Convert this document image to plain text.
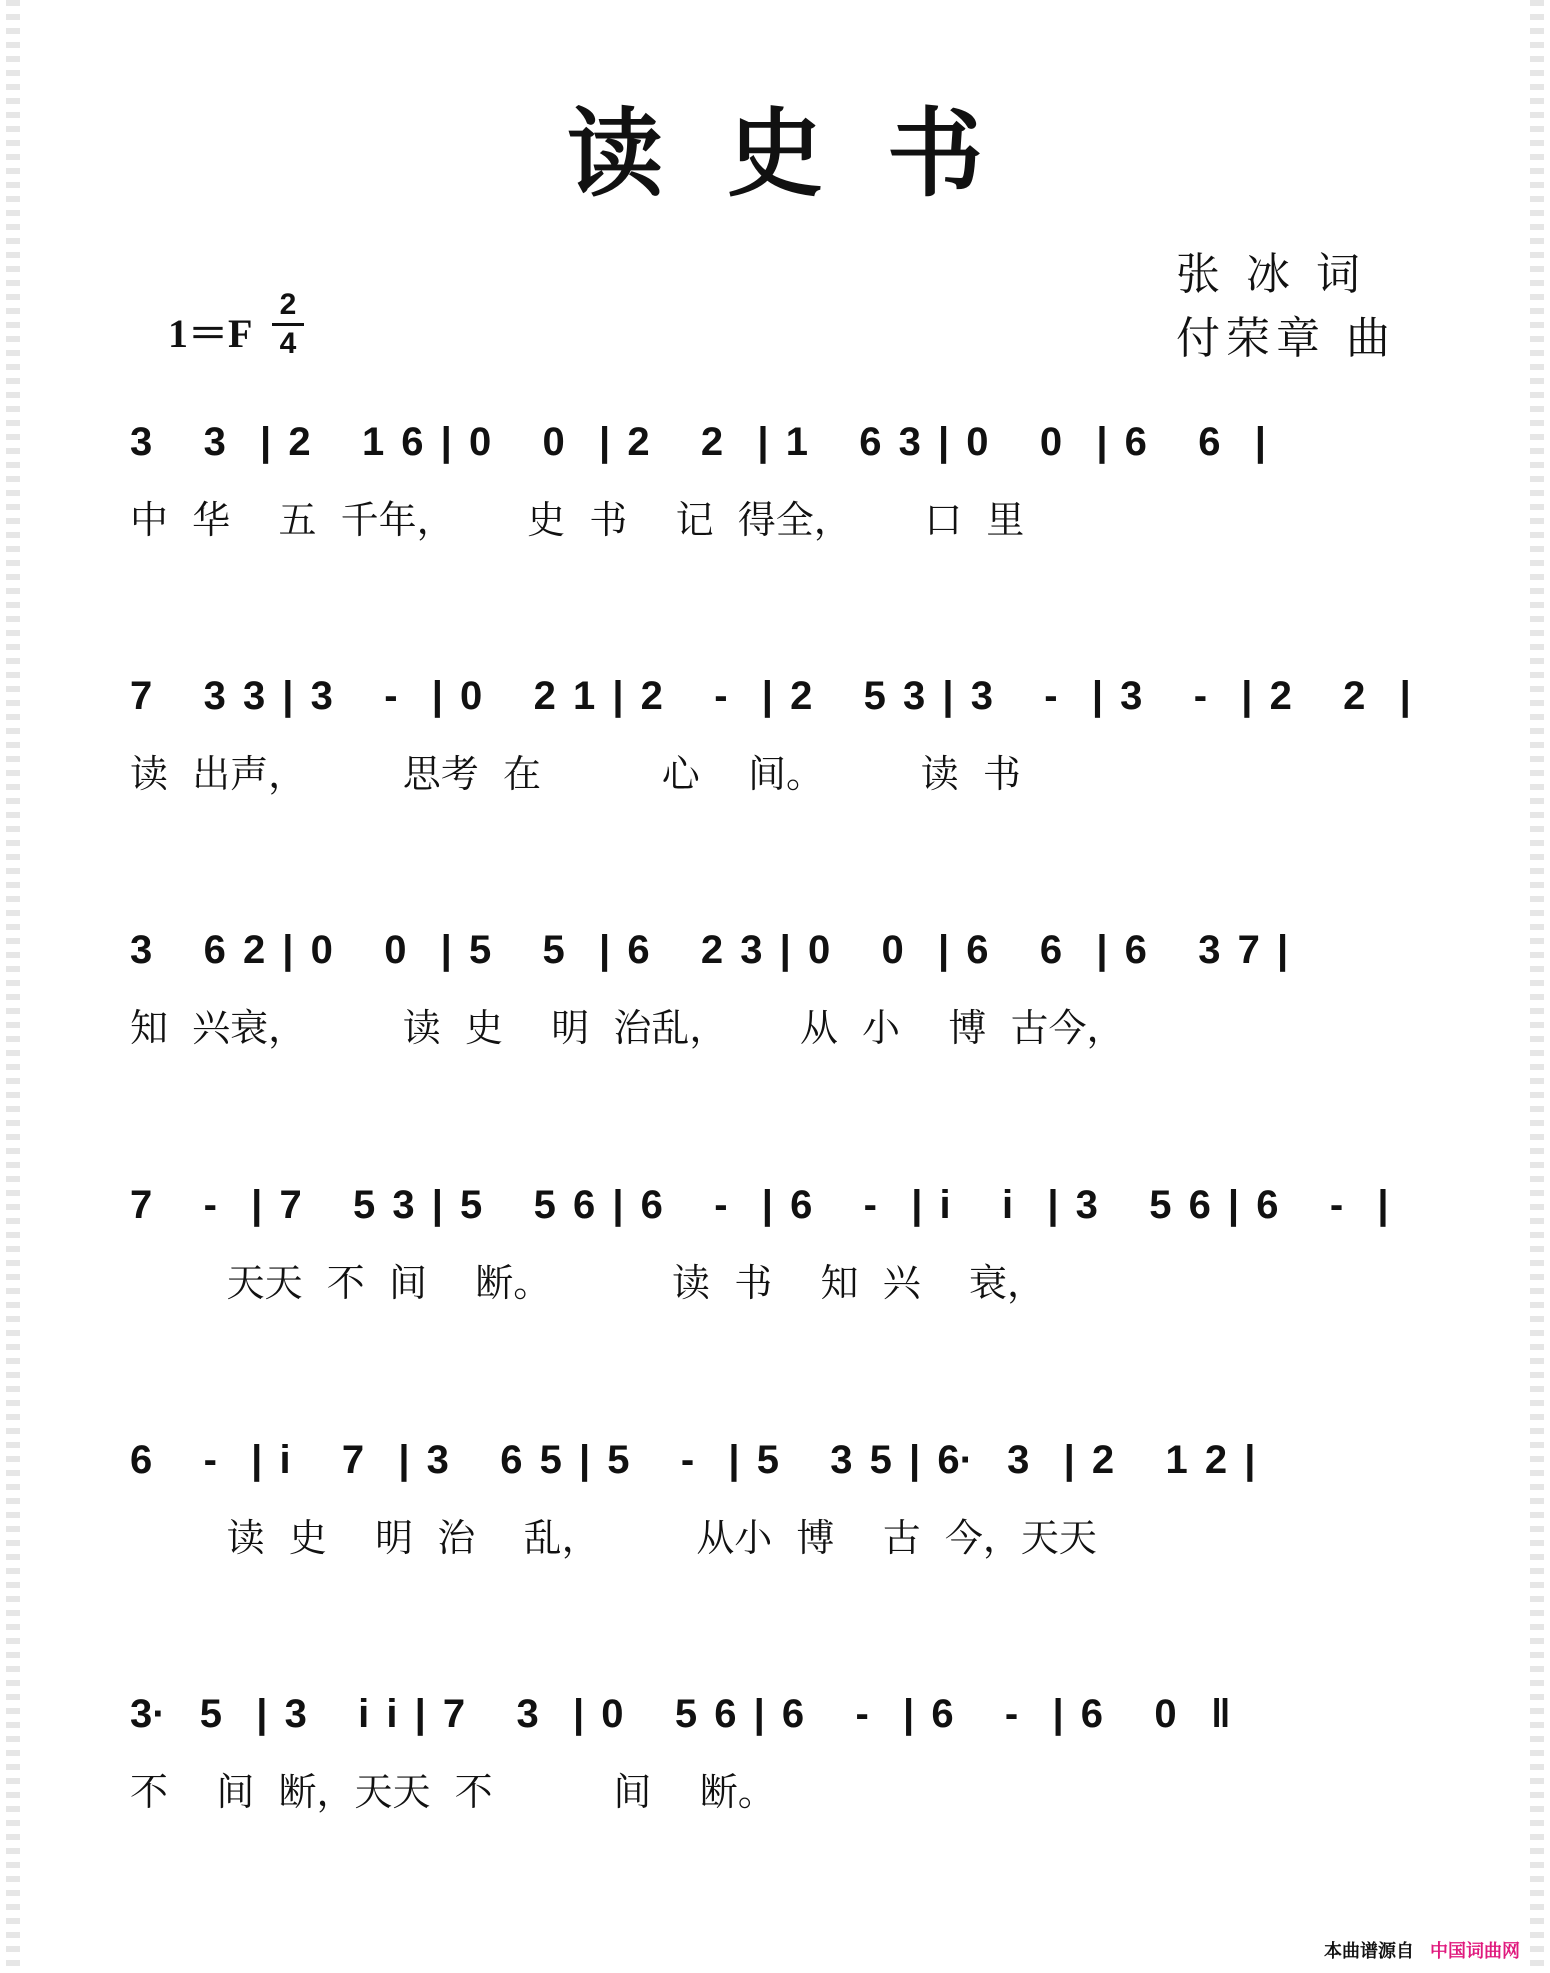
读史书
张 冰 词
付荣章 曲
1＝F
2
4
3   3  | 2   1 6 | 0   0  | 2   2  | 1   6 3 | 0   0  | 6   6  |
中  华    五  千年，      史  书    记  得全，      口  里
7   3 3 | 3   -  | 0   2 1 | 2   -  | 2   5 3 | 3   -  | 3   -  | 2   2  |
读  出声，        思考  在          心    间。        读  书
3   6 2 | 0   0  | 5   5  | 6   2 3 | 0   0  | 6   6  | 6   3 7 |
知  兴衰，        读  史    明  治乱，      从  小    博  古今，
7   -  | 7   5 3 | 5   5 6 | 6   -  | 6   -  | i   i  | 3   5 6 | 6   -  |
天天  不  间    断。          读  书    知  兴    衰，
6   -  | i   7  | 3   6 5 | 5   -  | 5   3 5 | 6·  3  | 2   1 2 |
读  史    明  治    乱，        从小  博    古  今，天天
3·  5  | 3   i i | 7   3  | 0   5 6 | 6   -  | 6   -  | 6   0  ‖
不    间  断，天天  不          间    断。
本曲谱源自 中国词曲网
